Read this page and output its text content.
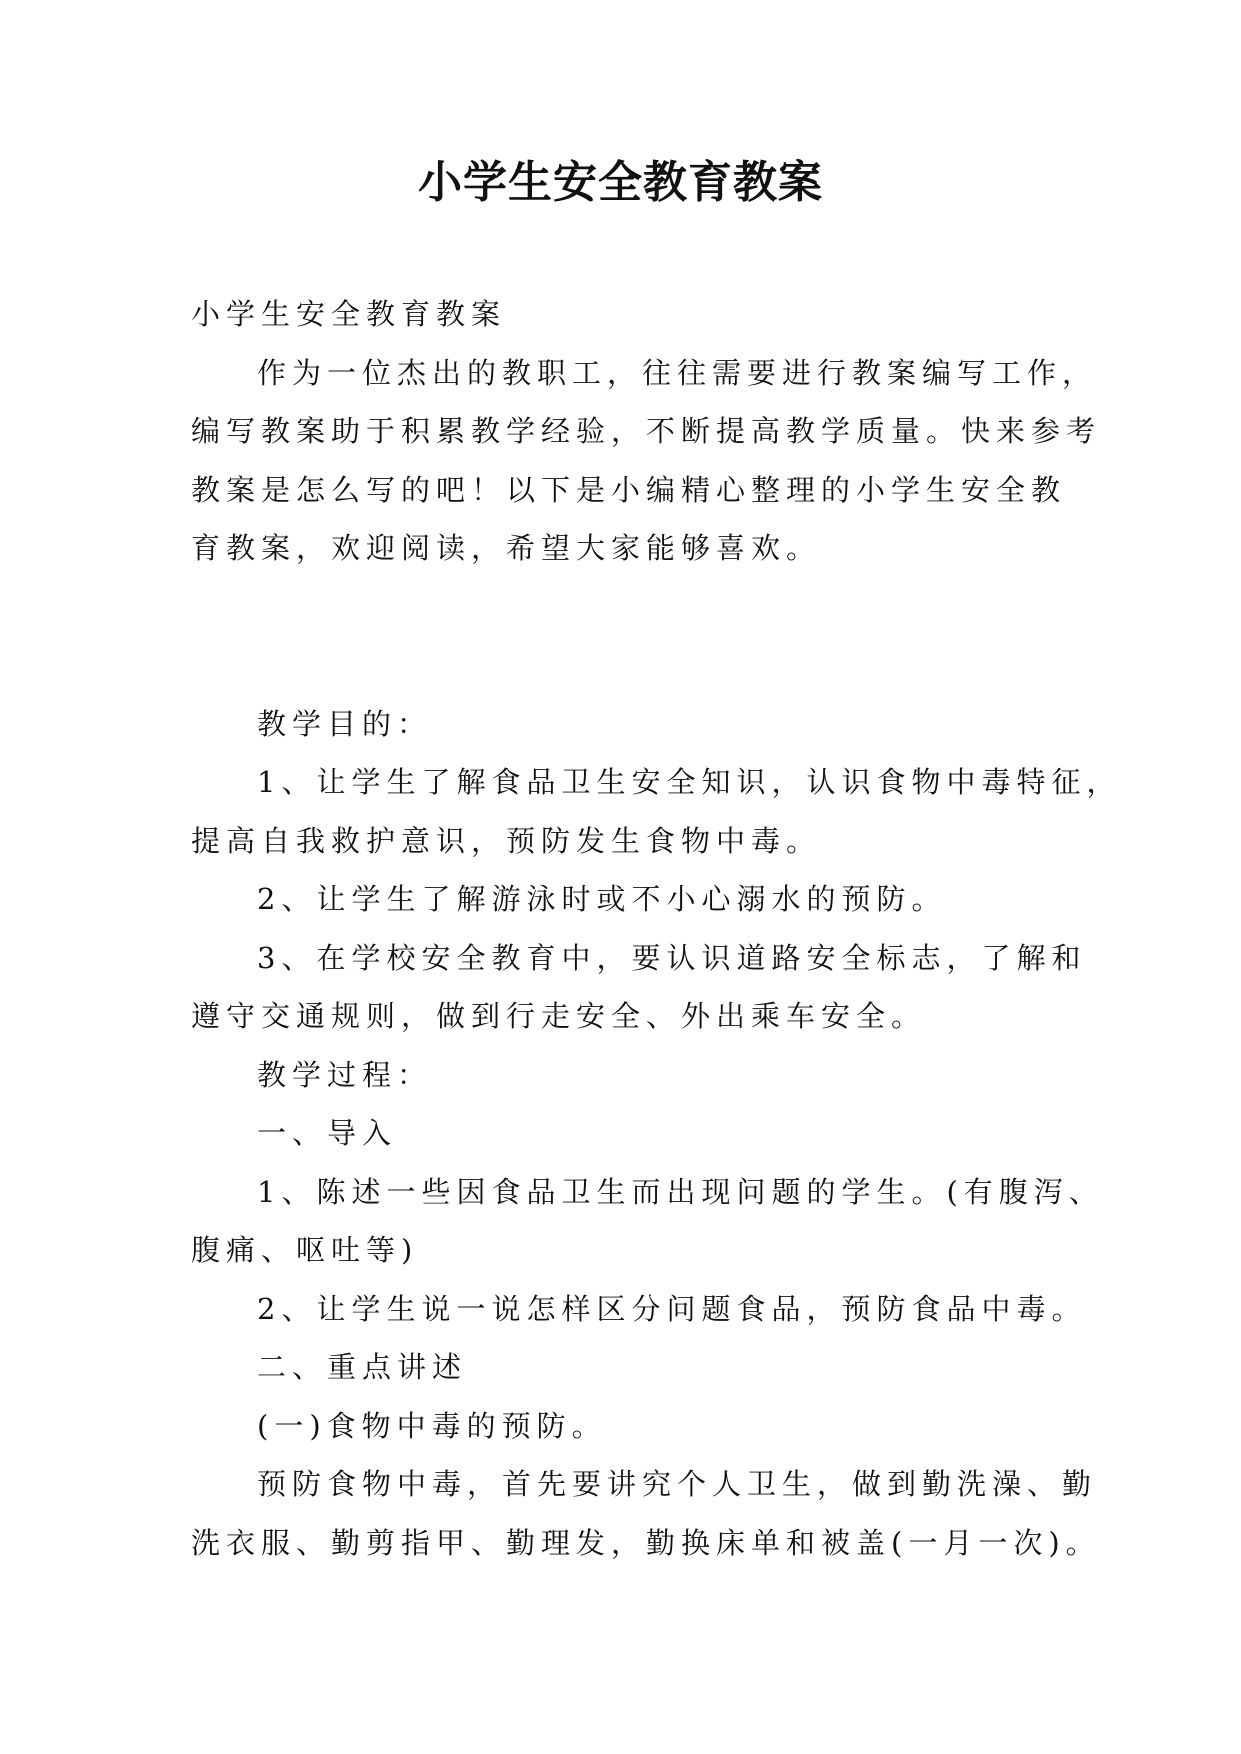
小学生安全教育教案
小学生安全教育教案
作为一位杰出的教职工，往往需要进行教案编写工作，
编写教案助于积累教学经验，不断提高教学质量。快来参考
教案是怎么写的吧！以下是小编精心整理的小学生安全教
育教案，欢迎阅读，希望大家能够喜欢。
教学目的：
1、让学生了解食品卫生安全知识，认识食物中毒特征，
提高自我救护意识，预防发生食物中毒。
2、让学生了解游泳时或不小心溺水的预防。
3、在学校安全教育中，要认识道路安全标志，了解和
遵守交通规则，做到行走安全、外出乘车安全。
教学过程：
一、导入
1、陈述一些因食品卫生而出现问题的学生。(有腹泻、
腹痛、呕吐等)
2、让学生说一说怎样区分问题食品，预防食品中毒。
二、重点讲述
(一)食物中毒的预防。
预防食物中毒，首先要讲究个人卫生，做到勤洗澡、勤
洗衣服、勤剪指甲、勤理发，勤换床单和被盖(一月一次)。
